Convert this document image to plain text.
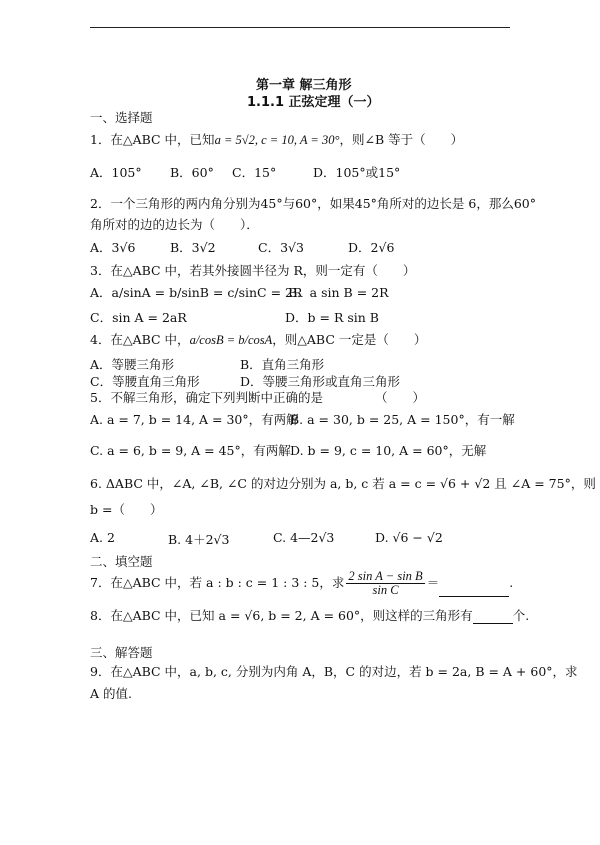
第一章 解三角形
1.1.1 正弦定理（一）
一、选择题
1．在△ABC 中，已知a = 5√2, c = 10, A = 30°，则∠B 等于（　　）
A．105° B．60° C．15°	D．105°或15°
2．一个三角形的两内角分别为45°与60°，如果45°角所对的边长是 6，那么60°
角所对的边的边长为（　　）．
A．3√6	B．3√2	C．3√3	D．2√6
3．在△ABC 中，若其外接圆半径为 R，则一定有（　　）
A．a/sinA = b/sinB = c/sinC = 2R
B．a sin B = 2R
C．sin A = 2aR	D．b = R sin B
4．在△ABC 中，a/cosB = b/cosA，则△ABC 一定是（　　）
A．等腰三角形	B．直角三角形
C．等腰直角三角形	D．等腰三角形或直角三角形
5．不解三角形，确定下列判断中正确的是	（　　）
A. a = 7, b = 14, A = 30°，有两解
B. a = 30, b = 25, A = 150°，有一解
C. a = 6, b = 9, A = 45°，有两解 D. b = 9, c = 10, A = 60°，无解
6. ΔABC 中，∠A, ∠B, ∠C 的对边分别为 a, b, c 若 a = c = √6 + √2 且 ∠A = 75°，则
b =（　　）
A. 2	B. 4＋2√3	C. 4—2√3	D. √6 − √2
二、填空题
7．在△ABC 中，若 a : b : c = 1 : 3 : 5，求 $\frac{\text{2 sin A − sin B}}{\text{sin C}}$ ＝	.
8．在△ABC 中，已知 a = √6, b = 2, A = 60°，则这样的三角形有	个.
三、解答题
9．在△ABC 中，a, b, c, 分别为内角 A，B，C 的对边，若 b = 2a, B = A + 60°，求
A 的值.
